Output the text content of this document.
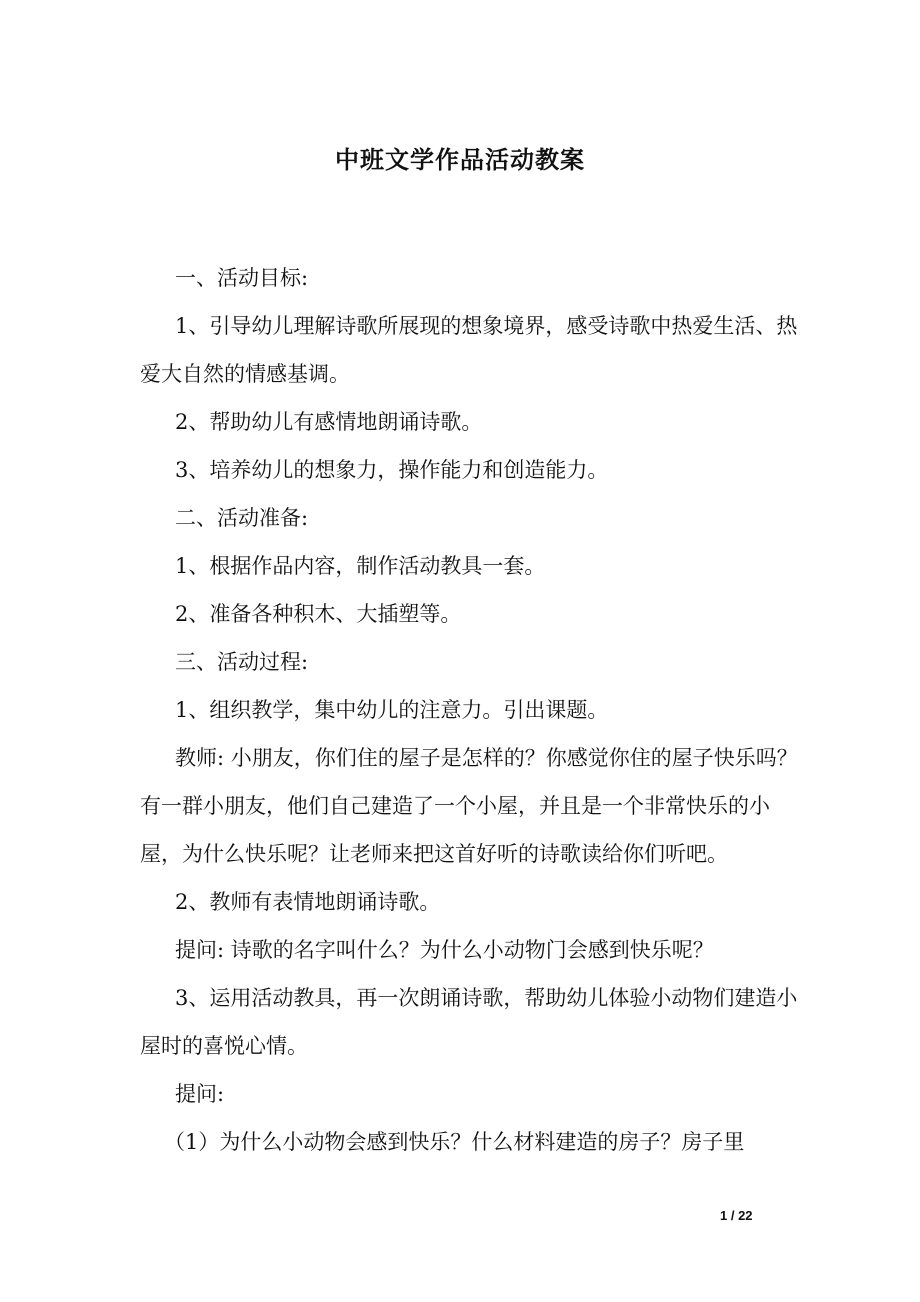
中班文学作品活动教案

一、活动目标:

1、引导幼儿理解诗歌所展现的想象境界，感受诗歌中热爱生活、热爱大自然的情感基调。

2、帮助幼儿有感情地朗诵诗歌。

3、培养幼儿的想象力，操作能力和创造能力。

二、活动准备:

1、根据作品内容，制作活动教具一套。

2、准备各种积木、大插塑等。

三、活动过程:

1、组织教学，集中幼儿的注意力。引出课题。

教师: 小朋友，你们住的屋子是怎样的？你感觉你住的屋子快乐吗？有一群小朋友，他们自己建造了一个小屋，并且是一个非常快乐的小屋，为什么快乐呢？让老师来把这首好听的诗歌读给你们听吧。

2、教师有表情地朗诵诗歌。

提问: 诗歌的名字叫什么？为什么小动物门会感到快乐呢？

3、运用活动教具，再一次朗诵诗歌，帮助幼儿体验小动物们建造小屋时的喜悦心情。

提问:

（1）为什么小动物会感到快乐？什么材料建造的房子？房子里

1 / 22
